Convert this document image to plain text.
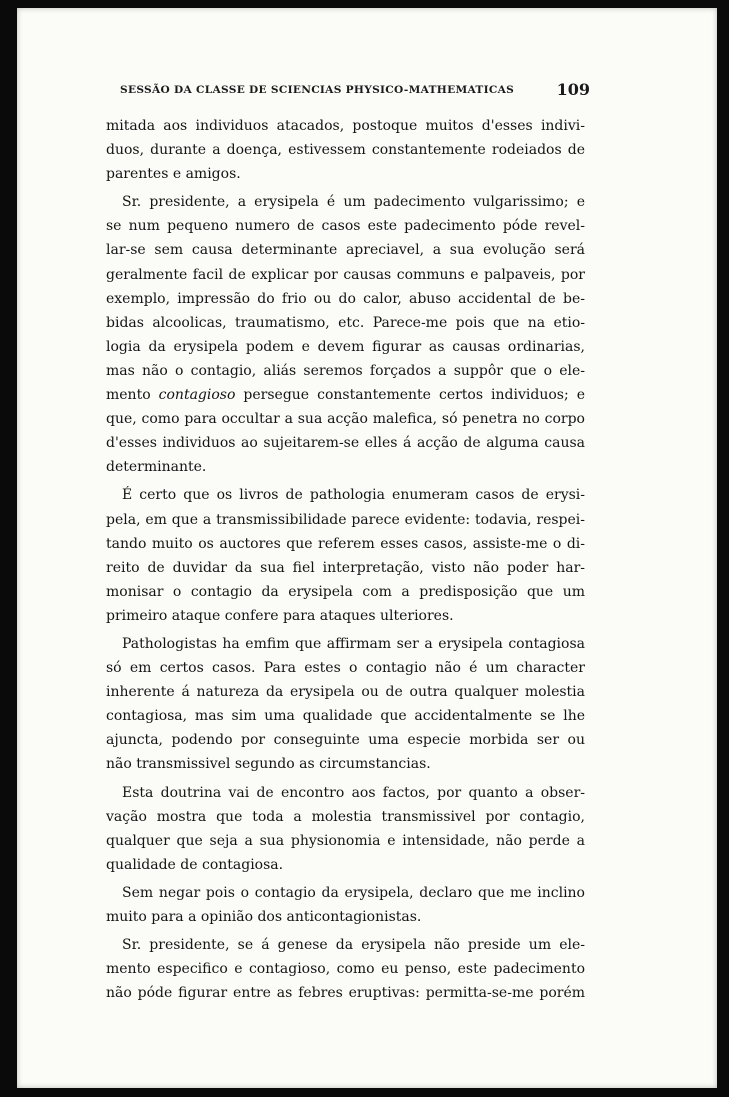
SESSÃO DA CLASSE DE SCIENCIAS PHYSICO-MATHEMATICAS	109
mitada aos individuos atacados, postoque muitos d'esses indivi-
duos, durante a doença, estivessem constantemente rodeiados de
parentes e amigos.
Sr. presidente, a erysipela é um padecimento vulgarissimo; e
se num pequeno numero de casos este padecimento póde revel-
lar-se sem causa determinante apreciavel, a sua evolução será
geralmente facil de explicar por causas communs e palpaveis, por
exemplo, impressão do frio ou do calor, abuso accidental de be-
bidas alcoolicas, traumatismo, etc. Parece-me pois que na etio-
logia da erysipela podem e devem figurar as causas ordinarias,
mas não o contagio, aliás seremos forçados a suppôr que o ele-
mento contagioso persegue constantemente certos individuos; e
que, como para occultar a sua acção malefica, só penetra no corpo
d'esses individuos ao sujeitarem-se elles á acção de alguma causa
determinante.
É certo que os livros de pathologia enumeram casos de erysi-
pela, em que a transmissibilidade parece evidente: todavia, respei-
tando muito os auctores que referem esses casos, assiste-me o di-
reito de duvidar da sua fiel interpretação, visto não poder har-
monisar o contagio da erysipela com a predisposição que um
primeiro ataque confere para ataques ulteriores.
Pathologistas ha emfim que affirmam ser a erysipela contagiosa
só em certos casos. Para estes o contagio não é um character
inherente á natureza da erysipela ou de outra qualquer molestia
contagiosa, mas sim uma qualidade que accidentalmente se lhe
ajuncta, podendo por conseguinte uma especie morbida ser ou
não transmissivel segundo as circumstancias.
Esta doutrina vai de encontro aos factos, por quanto a obser-
vação mostra que toda a molestia transmissivel por contagio,
qualquer que seja a sua physionomia e intensidade, não perde a
qualidade de contagiosa.
Sem negar pois o contagio da erysipela, declaro que me inclino
muito para a opinião dos anticontagionistas.
Sr. presidente, se á genese da erysipela não preside um ele-
mento especifico e contagioso, como eu penso, este padecimento
não póde figurar entre as febres eruptivas: permitta-se-me porém
